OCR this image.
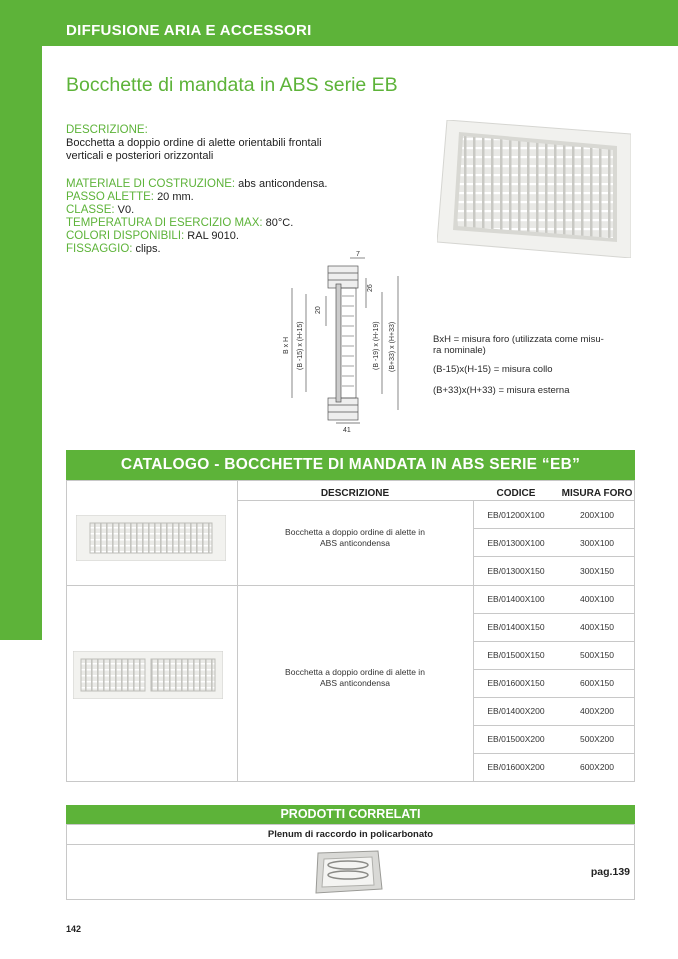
DIFFUSIONE ARIA E ACCESSORI
Bocchette di mandata in ABS serie EB
DESCRIZIONE:
Bocchetta a doppio ordine di alette orientabili frontali
verticali e posteriori orizzontali
MATERIALE DI COSTRUZIONE: abs anticondensa.
PASSO ALETTE: 20 mm.
CLASSE: V0.
TEMPERATURA DI ESERCIZIO MAX: 80°C.
COLORI DISPONIBILI: RAL 9010.
FISSAGGIO: clips.	7
26
20
41
B x H (B -15) x (H-15)	(B -19) x (H-19) (B+33) x (H+33)	BxH = misura foro (utilizzata come misu-
ra nominale)
(B-15)x(H-15) = misura collo
(B+33)x(H+33) = misura esterna
CATALOGO - BOCCHETTE DI MANDATA IN ABS SERIE “EB”
DESCRIZIONE	CODICE	MISURA FORO
Bocchetta a doppio ordine di alette in
ABS anticondensa
EB/01200X100	200X100
EB/01300X100	300X100
EB/01300X150	300X150
Bocchetta a doppio ordine di alette in
ABS anticondensa
EB/01400X100	400X100
EB/01400X150	400X150
EB/01500X150	500X150
EB/01600X150	600X150
EB/01400X200	400X200
EB/01500X200	500X200
EB/01600X200	600X200
PRODOTTI CORRELATI
Plenum di raccordo in policarbonato
pag.139
142
